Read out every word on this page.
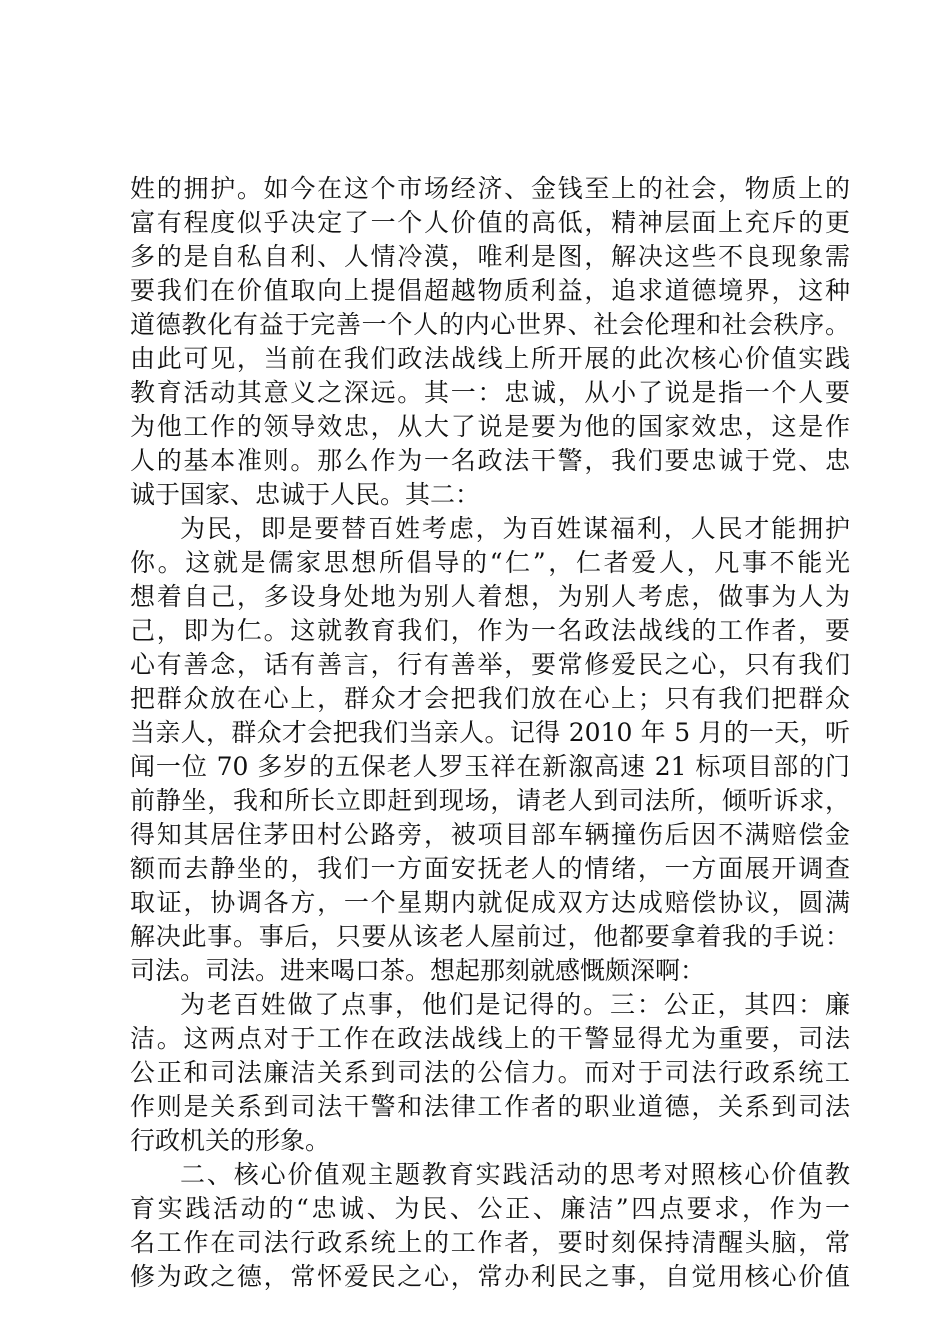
姓的拥护。如今在这个市场经济、金钱至上的社会，物质上的
富有程度似乎决定了一个人价值的高低，精神层面上充斥的更
多的是自私自利、人情冷漠，唯利是图，解决这些不良现象需
要我们在价值取向上提倡超越物质利益，追求道德境界，这种
道德教化有益于完善一个人的内心世界、社会伦理和社会秩序。
由此可见，当前在我们政法战线上所开展的此次核心价值实践
教育活动其意义之深远。其一：忠诚，从小了说是指一个人要
为他工作的领导效忠，从大了说是要为他的国家效忠，这是作
人的基本准则。那么作为一名政法干警，我们要忠诚于党、忠
诚于国家、忠诚于人民。其二：
为民，即是要替百姓考虑，为百姓谋福利，人民才能拥护
你。这就是儒家思想所倡导的“仁”，仁者爱人，凡事不能光
想着自己，多设身处地为别人着想，为别人考虑，做事为人为
己，即为仁。这就教育我们，作为一名政法战线的工作者，要
心有善念，话有善言，行有善举，要常修爱民之心，只有我们
把群众放在心上，群众才会把我们放在心上；只有我们把群众
当亲人，群众才会把我们当亲人。记得 2010 年 5 月的一天，听
闻一位 70 多岁的五保老人罗玉祥在新溆高速 21 标项目部的门
前静坐，我和所长立即赶到现场，请老人到司法所，倾听诉求，
得知其居住茅田村公路旁，被项目部车辆撞伤后因不满赔偿金
额而去静坐的，我们一方面安抚老人的情绪，一方面展开调查
取证，协调各方，一个星期内就促成双方达成赔偿协议，圆满
解决此事。事后，只要从该老人屋前过，他都要拿着我的手说：
司法。司法。进来喝口茶。想起那刻就感慨颇深啊：
为老百姓做了点事，他们是记得的。三：公正，其四：廉
洁。这两点对于工作在政法战线上的干警显得尤为重要，司法
公正和司法廉洁关系到司法的公信力。而对于司法行政系统工
作则是关系到司法干警和法律工作者的职业道德，关系到司法
行政机关的形象。
二、核心价值观主题教育实践活动的思考对照核心价值教
育实践活动的“忠诚、为民、公正、廉洁”四点要求，作为一
名工作在司法行政系统上的工作者，要时刻保持清醒头脑，常
修为政之德，常怀爱民之心，常办利民之事，自觉用核心价值
